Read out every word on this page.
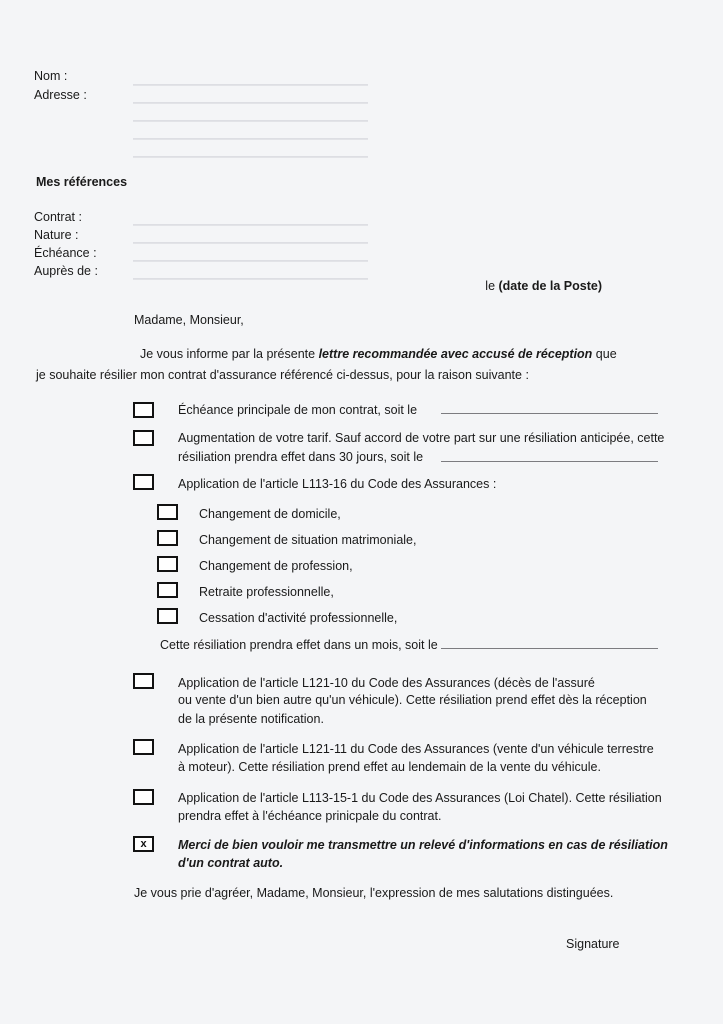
Nom :
Adresse :
Mes références
Contrat :
Nature :
Échéance :
Auprès de :
le (date de la Poste)
Madame, Monsieur,
Je vous informe par la présente lettre recommandée avec accusé de réception que
je souhaite résilier mon contrat d'assurance référencé ci-dessus, pour la raison suivante :
Échéance principale de mon contrat, soit le
Augmentation de votre tarif. Sauf accord de votre part sur une résiliation anticipée, cette
résiliation prendra effet dans 30 jours, soit le
Application de l'article L113-16 du Code des Assurances :
Changement de domicile,
Changement de situation matrimoniale,
Changement de profession,
Retraite professionnelle,
Cessation d'activité professionnelle,
Cette résiliation prendra effet dans un mois, soit le
Application de l'article L121-10 du Code des Assurances (décès de l'assuré
ou vente d'un bien autre qu'un véhicule). Cette résiliation prend effet dès la réception
de la présente notification.
Application de l'article L121-11 du Code des Assurances (vente d'un véhicule terrestre
à moteur). Cette résiliation prend effet au lendemain de la vente du véhicule.
Application de l'article L113-15-1 du Code des Assurances (Loi Chatel). Cette résiliation
prendra effet à l'échéance prinicpale du contrat.
x	Merci de bien vouloir me transmettre un relevé d'informations en cas de résiliation
d'un contrat auto.
Je vous prie d'agréer, Madame, Monsieur, l'expression de mes salutations distinguées.
Signature
